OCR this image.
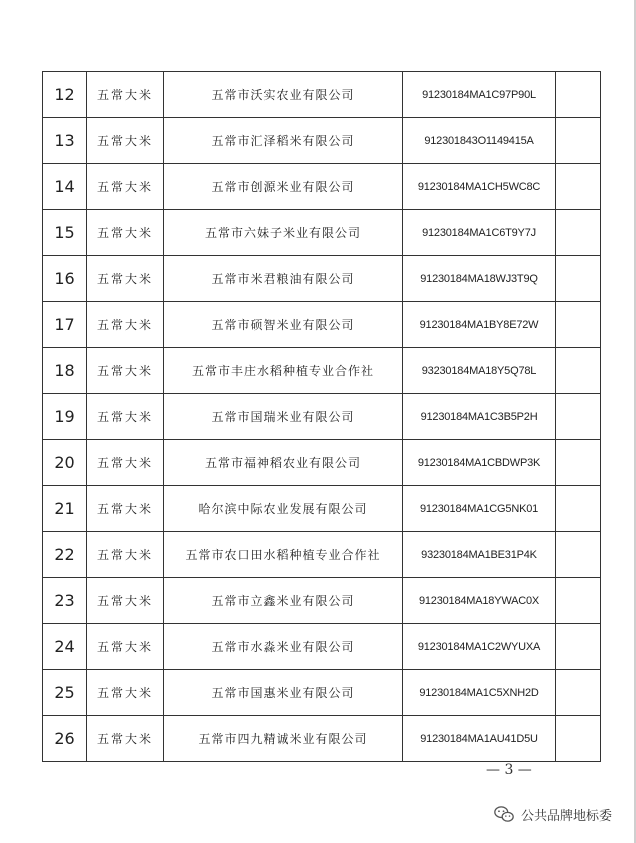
12	五常大米	五常市沃实农业有限公司	91230184MA1C97P90L	
13	五常大米	五常市汇泽稻米有限公司	912301843O1149415A	
14	五常大米	五常市创源米业有限公司	91230184MA1CH5WC8C	
15	五常大米	五常市六妹子米业有限公司	91230184MA1C6T9Y7J	
16	五常大米	五常市米君粮油有限公司	91230184MA18WJ3T9Q	
17	五常大米	五常市硕智米业有限公司	91230184MA1BY8E72W	
18	五常大米	五常市丰庄水稻种植专业合作社	93230184MA18Y5Q78L	
19	五常大米	五常市国瑞米业有限公司	91230184MA1C3B5P2H	
20	五常大米	五常市福神稻农业有限公司	91230184MA1CBDWP3K	
21	五常大米	哈尔滨中际农业发展有限公司	91230184MA1CG5NK01	
22	五常大米	五常市农口田水稻种植专业合作社	93230184MA1BE31P4K	
23	五常大米	五常市立鑫米业有限公司	91230184MA18YWAC0X	
24	五常大米	五常市水淼米业有限公司	91230184MA1C2WYUXA	
25	五常大米	五常市国惠米业有限公司	91230184MA1C5XNH2D	
26	五常大米	五常市四九精诚米业有限公司	91230184MA1AU41D5U	
— 3 —
公共品牌地标委
